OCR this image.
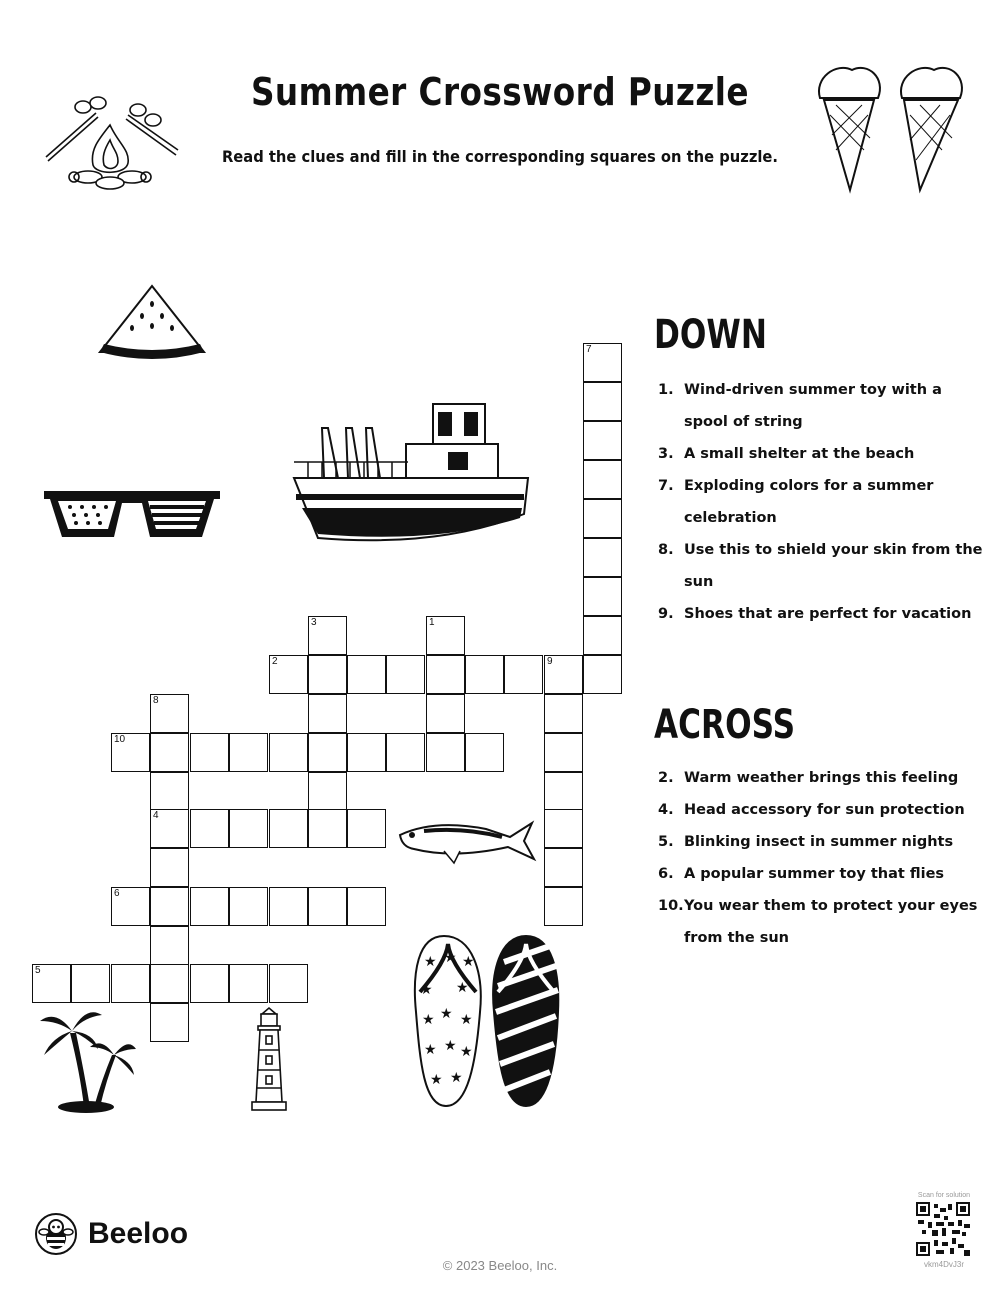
Summer Crossword Puzzle
Read the clues and fill in the corresponding squares on the puzzle.
★ ★ ★
★ ★
★ ★ ★
★ ★ ★
★ ★
7
3	1
2	9
8
10
4
6
5
DOWN
1. Wind-driven summer toy with a spool of string
3. A small shelter at the beach
7. Exploding colors for a summer celebration
8. Use this to shield your skin from the sun
9. Shoes that are perfect for vacation
ACROSS
2. Warm weather brings this feeling
4. Head accessory for sun protection
5. Blinking insect in summer nights
6. A popular summer toy that flies
10. You wear them to protect your eyes from the sun
Beeloo
© 2023 Beeloo, Inc.
Scan for solution
vkm4DvJ3r
